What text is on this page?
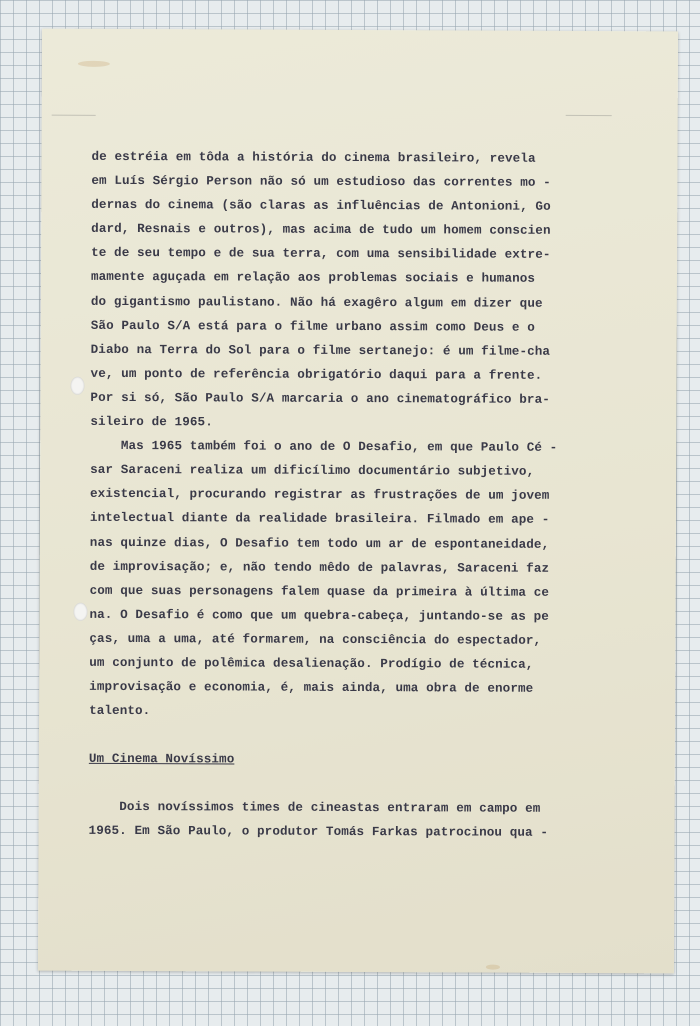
de estréia em tôda a história do cinema brasileiro, revela
em Luís Sérgio Person não só um estudioso das correntes mo -
dernas do cinema (são claras as influências de Antonioni, Go
dard, Resnais e outros), mas acima de tudo um homem conscien
te de seu tempo e de sua terra, com uma sensibilidade extre-
mamente aguçada em relação aos problemas sociais e humanos
do gigantismo paulistano. Não há exagêro algum em dizer que
São Paulo S/A está para o filme urbano assim como Deus e o
Diabo na Terra do Sol para o filme sertanejo: é um filme-cha
ve, um ponto de referência obrigatório daqui para a frente.
Por si só, São Paulo S/A marcaria o ano cinematográfico bra-
sileiro de 1965.
Mas 1965 também foi o ano de O Desafio, em que Paulo Cé -
sar Saraceni realiza um dificílimo documentário subjetivo,
existencial, procurando registrar as frustrações de um jovem
intelectual diante da realidade brasileira. Filmado em ape -
nas quinze dias, O Desafio tem todo um ar de espontaneidade,
de improvisação; e, não tendo mêdo de palavras, Saraceni faz
com que suas personagens falem quase da primeira à última ce
na. O Desafio é como que um quebra-cabeça, juntando-se as pe
ças, uma a uma, até formarem, na consciência do espectador,
um conjunto de polêmica desalienação. Prodígio de técnica,
improvisação e economia, é, mais ainda, uma obra de enorme
talento.
Um Cinema Novíssimo
Dois novíssimos times de cineastas entraram em campo em
1965. Em São Paulo, o produtor Tomás Farkas patrocinou qua -
